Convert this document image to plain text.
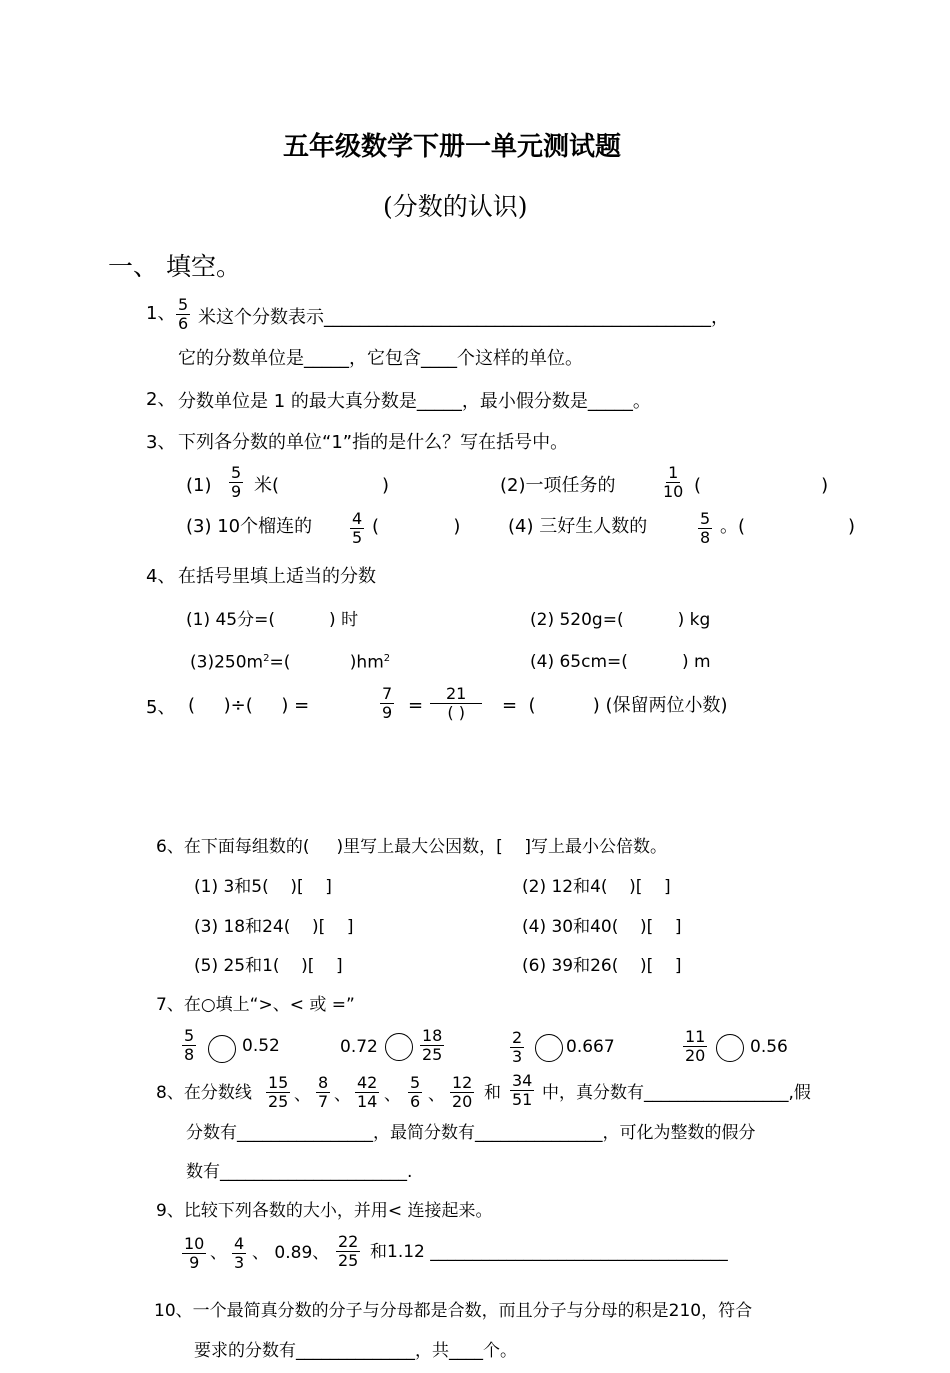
五年级数学下册一单元测试题
(分数的认识)
一、 填空。
1、 $\frac{5}{6}$ 米这个分数表示___________________________________________，
它的分数单位是_____，它包含____个这样的单位。
2、 分数单位是 1 的最大真分数是_____，最小假分数是_____。
3、 下列各分数的单位“1”指的是什么？写在括号中。
$(1) \frac{5}{9}$ 米(                  )	(2)一项任务的	$\frac{1}{10}$ (                     )
(3) 10个榴连的 $\frac{4}{5}$ (             )	(4) 三好生人数的	$\frac{5}{8}$ 。(                  )
4、 在括号里填上适当的分数
(1) 45分=(          ) 时	(2) 520g=(          ) kg
$(3)250m^2=$(           )$hm^2$	(4) 65cm=(          ) m
5、 (     )÷(     ) =	$\frac{7}{9}$ =
21
( ) =  (          ) (保留两位小数)
6、在下面每组数的(     )里写上最大公因数，[    ]写上最小公倍数。
(1) 3和5(    )[    ]	(2) 12和4(    )[    ]
(3) 18和24(    )[    ]	(4) 30和40(    )[    ]
(5) 25和1(    )[    ]	(6) 39和26(    )[    ]
7、在○填上“>、< 或 =”
$\frac{5}{8}$	0.52	0.72	$\frac{18}{25}$	$\frac{2}{3} 0.667$	$\frac{11}{20}$	0.56
8、在分数线 $\frac{15}{25}$ 、 $\frac{8}{7}$ 、 $\frac{42}{14}$ 、 $\frac{5}{6}$ 、 $\frac{12}{20}$ 和 $\frac{34}{51}$ 中，真分数有_________________,假
分数有________________，最简分数有_______________，可化为整数的假分
数有______________________.
9、比较下列各数的大小，并用< 连接起来。
$\frac{10}{9}$ 、 $\frac{4}{3}$ 、 0.89、 $\frac{22}{25}$ 和1.12 ___________________________________
10、一个最简真分数的分子与分母都是合数，而且分子与分母的积是210，符合
要求的分数有______________，共____个。
